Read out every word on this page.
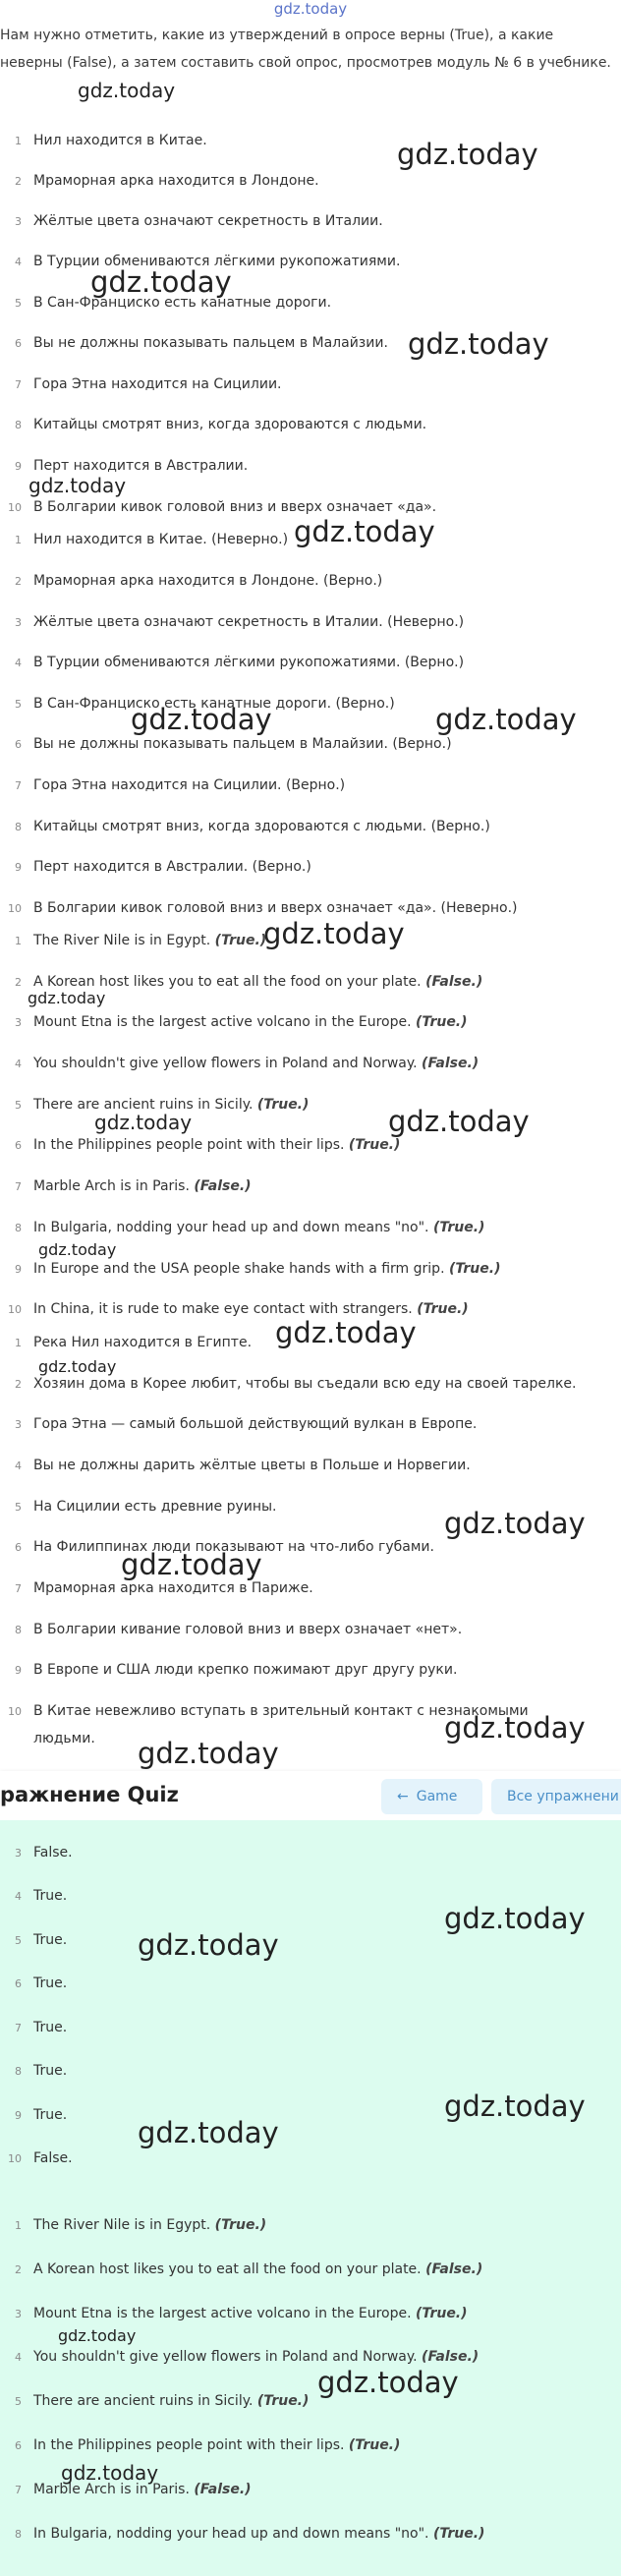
gdz.today
Нам нужно отметить, какие из утверждений в опросе верны (True), а какие неверны (False), а затем составить свой опрос, просмотрев модуль № 6 в учебнике.
1 Нил находится в Китае.
2 Мраморная арка находится в Лондоне.
3 Жёлтые цвета означают секретность в Италии.
4 В Турции обмениваются лёгкими рукопожатиями.
5 В Сан-Франциско есть канатные дороги.
6 Вы не должны показывать пальцем в Малайзии.
7 Гора Этна находится на Сицилии.
8 Китайцы смотрят вниз, когда здороваются с людьми.
9 Перт находится в Австралии.
10 В Болгарии кивок головой вниз и вверх означает «да».
1 Нил находится в Китае. (Неверно.)
2 Мраморная арка находится в Лондоне. (Верно.)
3 Жёлтые цвета означают секретность в Италии. (Неверно.)
4 В Турции обмениваются лёгкими рукопожатиями. (Верно.)
5 В Сан-Франциско есть канатные дороги. (Верно.)
6 Вы не должны показывать пальцем в Малайзии. (Верно.)
7 Гора Этна находится на Сицилии. (Верно.)
8 Китайцы смотрят вниз, когда здороваются с людьми. (Верно.)
9 Перт находится в Австралии. (Верно.)
10 В Болгарии кивок головой вниз и вверх означает «да». (Неверно.)
1 The River Nile is in Egypt. (True.)
2 A Korean host likes you to eat all the food on your plate. (False.)
3 Mount Etna is the largest active volcano in the Europe. (True.)
4 You shouldn't give yellow flowers in Poland and Norway. (False.)
5 There are ancient ruins in Sicily. (True.)
6 In the Philippines people point with their lips. (True.)
7 Marble Arch is in Paris. (False.)
8 In Bulgaria, nodding your head up and down means "no". (True.)
9 In Europe and the USA people shake hands with a firm grip. (True.)
10 In China, it is rude to make eye contact with strangers. (True.)
1 Река Нил находится в Египте.
2 Хозяин дома в Корее любит, чтобы вы съедали всю еду на своей тарелке.
3 Гора Этна — самый большой действующий вулкан в Европе.
4 Вы не должны дарить жёлтые цветы в Польше и Норвегии.
5 На Сицилии есть древние руины.
6 На Филиппинах люди показывают на что-либо губами.
7 Мраморная арка находится в Париже.
8 В Болгарии кивание головой вниз и вверх означает «нет».
9 В Европе и США люди крепко пожимают друг другу руки.
10 В Китае невежливо вступать в зрительный контакт с незнакомыми
людьми.
ражнение Quiz	← Game	Все упражнени
3 False.
4 True.
5 True.
6 True.
7 True.
8 True.
9 True.
10 False.
1 The River Nile is in Egypt. (True.)
2 A Korean host likes you to eat all the food on your plate. (False.)
3 Mount Etna is the largest active volcano in the Europe. (True.)
4 You shouldn't give yellow flowers in Poland and Norway. (False.)
5 There are ancient ruins in Sicily. (True.)
6 In the Philippines people point with their lips. (True.)
7 Marble Arch is in Paris. (False.)
8 In Bulgaria, nodding your head up and down means "no". (True.)
gdz.today
gdz.today
gdz.today
gdz.today
gdz.today
gdz.today
gdz.today	gdz.today
gdz.today
gdz.today
gdz.today	gdz.today
gdz.today
gdz.today
gdz.today
gdz.today
gdz.today
gdz.today
gdz.today
gdz.today
gdz.today
gdz.today
gdz.today
gdz.today
gdz.today
gdz.today
